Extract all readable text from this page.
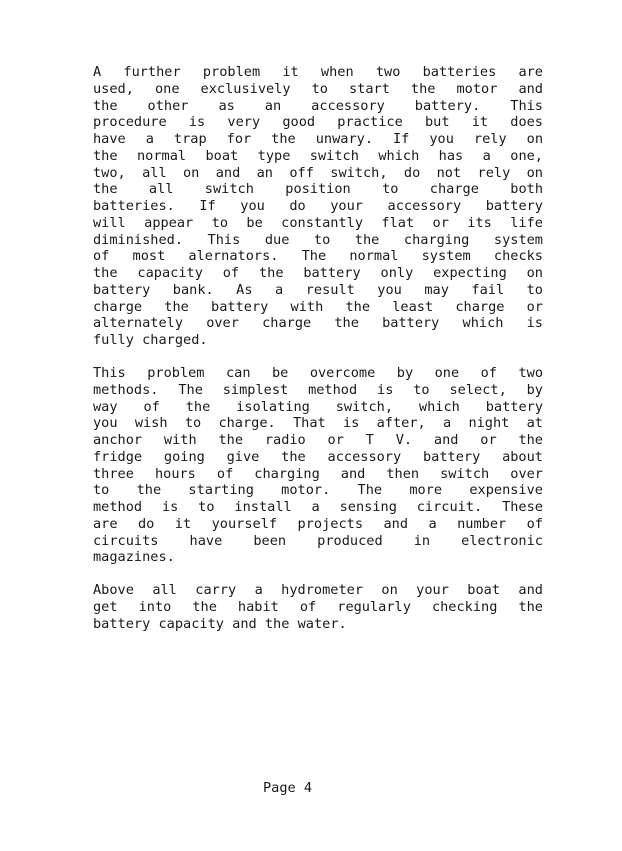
A further problem it when two batteries are
used, one exclusively to start the motor and
the other as an accessory battery. This
procedure is very good practice but it does
have a trap for the unwary. If you rely on
the normal boat type switch which has a one,
two, all on and an off switch, do not rely on
the all switch position to charge both
batteries. If you do your accessory battery
will appear to be constantly flat or its life
diminished. This due to the charging system
of most alernators. The normal system checks
the capacity of the battery only expecting on
battery bank. As a result you may fail to
charge the battery with the least charge or
alternately over charge the battery which is
fully charged.
This problem can be overcome by one of two
methods. The simplest method is to select, by
way of the isolating switch, which battery
you wish to charge. That is after, a night at
anchor with the radio or T V. and or the
fridge going give the accessory battery about
three hours of charging and then switch over
to the starting motor. The more expensive
method is to install a sensing circuit. These
are do it yourself projects and a number of
circuits have been produced in electronic
magazines.
Above all carry a hydrometer on your boat and
get into the habit of regularly checking the
battery capacity and the water.
Page 4
